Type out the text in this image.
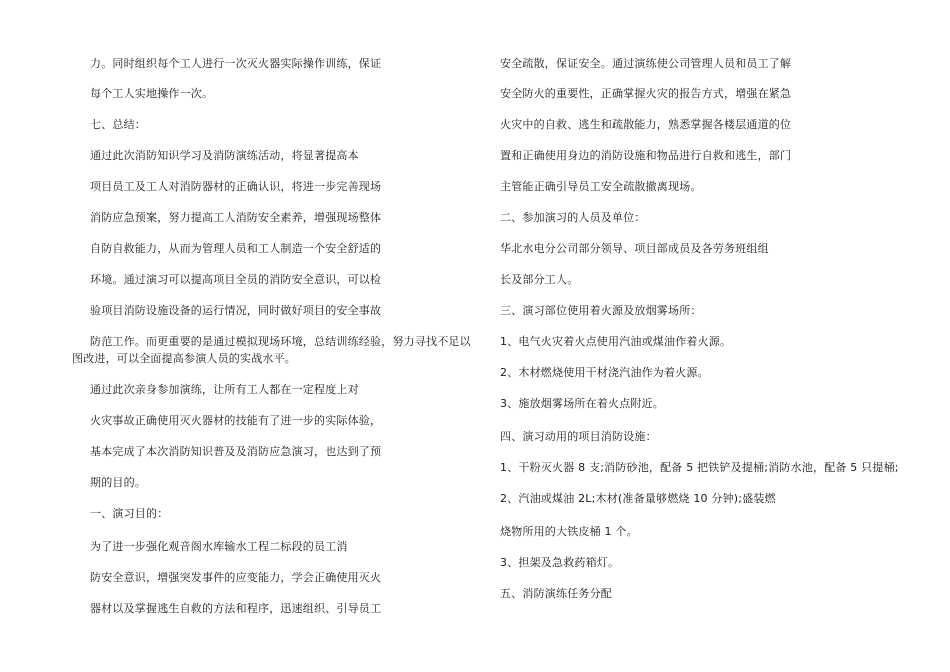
力。同时组织每个工人进行一次灭火器实际操作训练，保证
每个工人实地操作一次。
七、总结：
通过此次消防知识学习及消防演练活动，将显著提高本
项目员工及工人对消防器材的正确认识，将进一步完善现场
消防应急预案，努力提高工人消防安全素养，增强现场整体
自防自救能力，从而为管理人员和工人制造一个安全舒适的
环境。通过演习可以提高项目全员的消防安全意识，可以检
验项目消防设施设备的运行情况，同时做好项目的安全事故
防范工作。而更重要的是通过模拟现场环境，总结训练经验，努力寻找不足以
图改进，可以全面提高参演人员的实战水平。
通过此次亲身参加演练，让所有工人都在一定程度上对
火灾事故正确使用灭火器材的技能有了进一步的实际体验，
基本完成了本次消防知识普及及消防应急演习，也达到了预
期的目的。
一、演习目的：
为了进一步强化观音阁水库输水工程二标段的员工消
防安全意识，增强突发事件的应变能力，学会正确使用灭火
器材以及掌握逃生自救的方法和程序，迅速组织、引导员工
安全疏散，保证安全。通过演练使公司管理人员和员工了解
安全防火的重要性，正确掌握火灾的报告方式，增强在紧急
火灾中的自救、逃生和疏散能力，熟悉掌握各楼层通道的位
置和正确使用身边的消防设施和物品进行自救和逃生，部门
主管能正确引导员工安全疏散撤离现场。
二、参加演习的人员及单位：
华北水电分公司部分领导、项目部成员及各劳务班组组
长及部分工人。
三、演习部位使用着火源及放烟雾场所：
1、电气火灾着火点使用汽油或煤油作着火源。
2、木材燃烧使用干材浇汽油作为着火源。
3、施放烟雾场所在着火点附近。
四、演习动用的项目消防设施：
1、干粉灭火器 8 支;消防砂池，配备 5 把铁铲及提桶;消防水池，配备 5 只提桶;
2、汽油或煤油 2L;木材(准备量够燃烧 10 分钟);盛装燃
烧物所用的大铁皮桶 1 个。
3、担架及急救药箱灯。
五、消防演练任务分配
